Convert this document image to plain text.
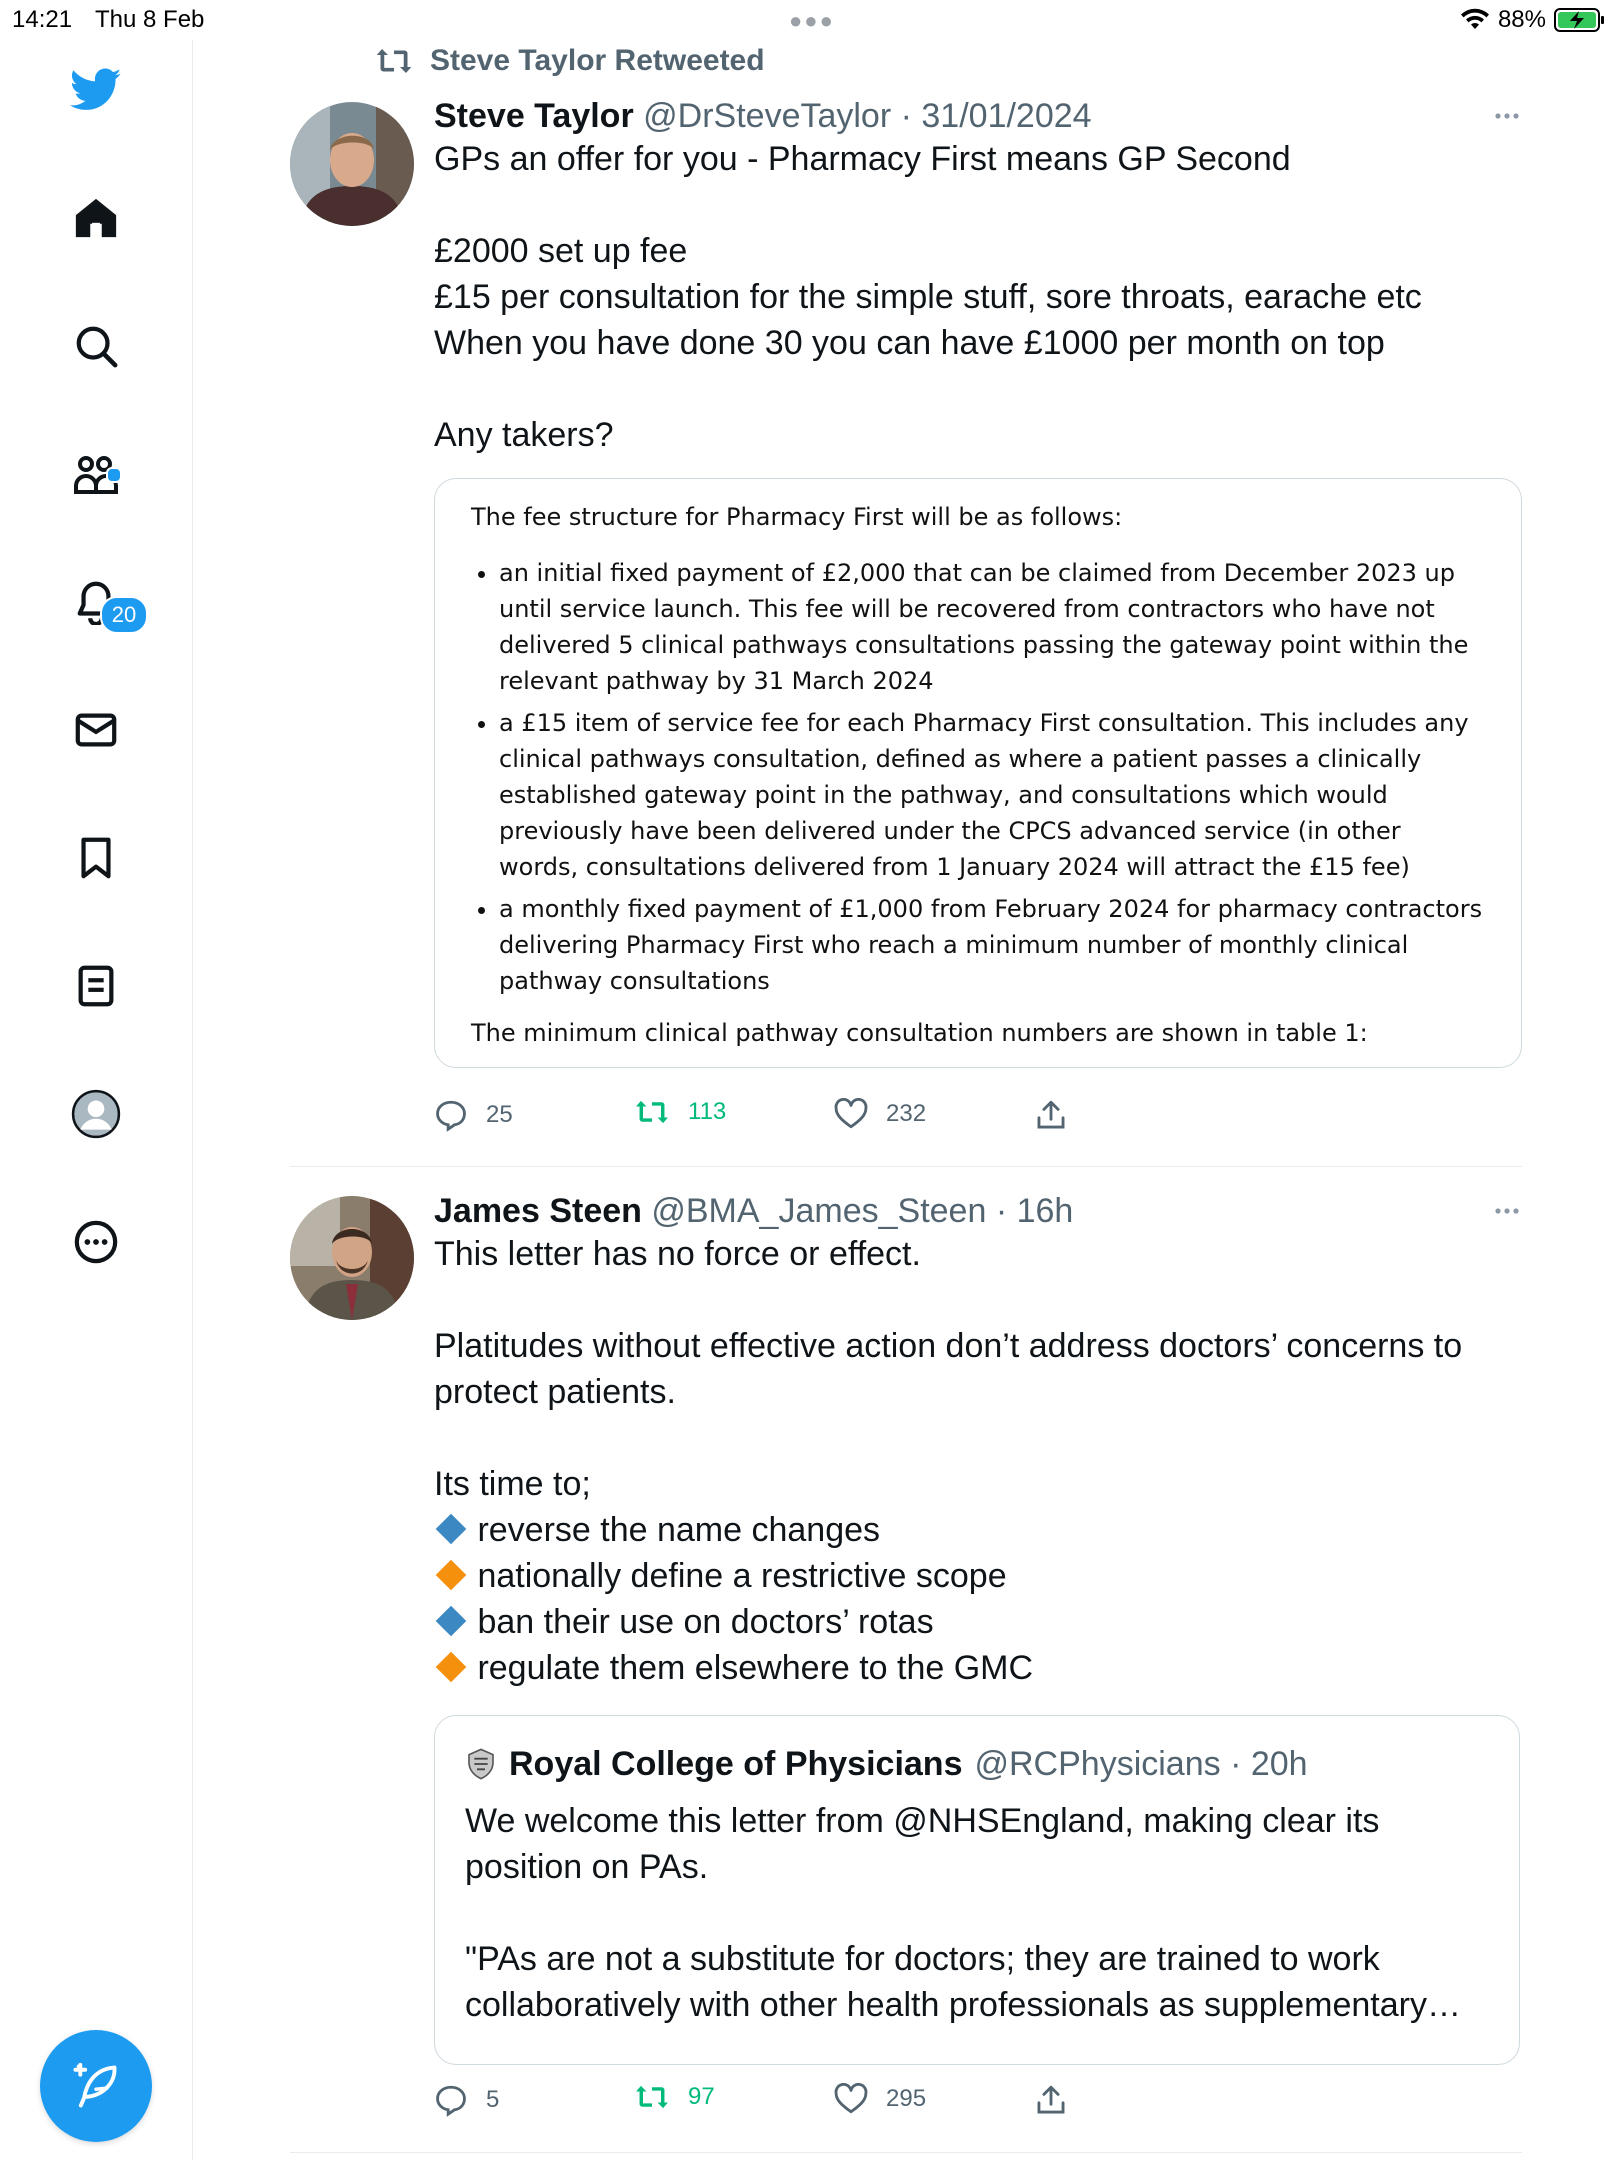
14:21 Thu 8 Feb	●●●	88%
20
Steve Taylor Retweeted
Steve Taylor @DrSteveTaylor · 31/01/2024

GPs an offer for you - Pharmacy First means GP Second

£2000 set up fee

£15 per consultation for the simple stuff, sore throats, earache etc

When you have done 30 you can have £1000 per month on top

Any takers?

The fee structure for Pharmacy First will be as follows:

• an initial fixed payment of £2,000 that can be claimed from December 2023 up until service launch. This fee will be recovered from contractors who have not delivered 5 clinical pathways consultations passing the gateway point within the relevant pathway by 31 March 2024
• a £15 item of service fee for each Pharmacy First consultation. This includes any clinical pathways consultation, defined as where a patient passes a clinically established gateway point in the pathway, and consultations which would previously have been delivered under the CPCS advanced service (in other words, consultations delivered from 1 January 2024 will attract the £15 fee)
• a monthly fixed payment of £1,000 from February 2024 for pharmacy contractors delivering Pharmacy First who reach a minimum number of monthly clinical pathway consultations

The minimum clinical pathway consultation numbers are shown in table 1:

25	113	232
James Steen @BMA_James_Steen · 16h

This letter has no force or effect.

Platitudes without effective action don’t address doctors’ concerns to protect patients.

Its time to;

reverse the name changes

nationally define a restrictive scope

ban their use on doctors’ rotas

regulate them elsewhere to the GMC

Royal College of Physicians @RCPhysicians · 20h

We welcome this letter from @NHSEngland, making clear its position on PAs.

"PAs are not a substitute for doctors; they are trained to work collaboratively with other health professionals as supplementary…

5	97	295
